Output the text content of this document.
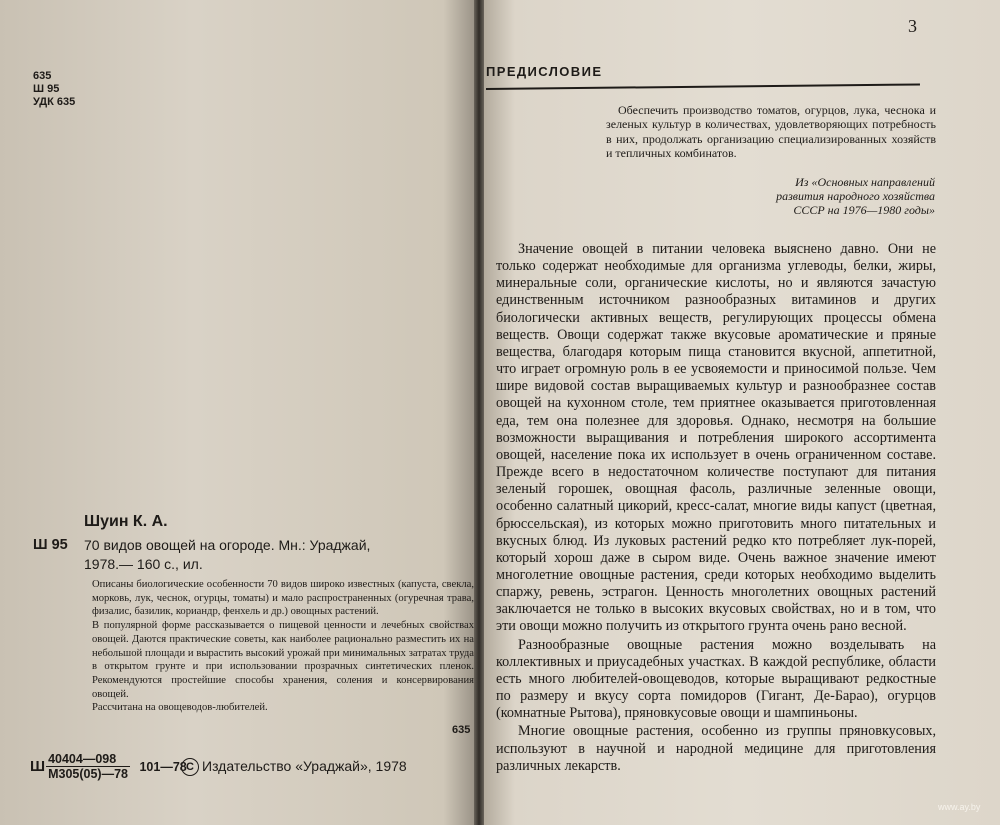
635
Ш 95
УДК 635
Шуин К. А.
Ш 95 70 видов овощей на огороде. Мн.: Ураджай,
1978.— 160 с., ил.

Описаны биологические особенности 70 видов широко известных (капуста, свекла, морковь, лук, чеснок, огурцы, томаты) и мало распространенных (огуречная трава, физалис, базилик, кориандр, фенхель и др.) овощных растений.

В популярной форме рассказывается о пищевой ценности и лечебных свойствах овощей. Даются практические советы, как наиболее рационально разместить их на небольшой площади и вырастить высокий урожай при минимальных затратах труда в открытом грунте и при использовании прозрачных синтетических пленок. Рекомендуются простейшие способы хранения, соления и консервирования овощей.

Рассчитана на овощеводов-любителей.

635
Ш $\frac{40404—098}{М305(05)—78}$ 101—78 C Издательство «Ураджай», 1978
3
ПРЕДИСЛОВИЕ

Обеспечить производство томатов, огурцов, лука, чеснока и зеленых культур в количествах, удовлетворяющих потребность в них, продолжать организацию специализированных хозяйств и тепличных комбинатов.

Из «Основных направлений
развития народного хозяйства
СССР на 1976—1980 годы»

Значение овощей в питании человека выяснено давно. Они не только содержат необходимые для организма углеводы, белки, жиры, минеральные соли, органические кислоты, но и являются зачастую единственным источником разнообразных витаминов и других биологически активных веществ, регулирующих процессы обмена веществ. Овощи содержат также вкусовые ароматические и пряные вещества, благодаря которым пища становится вкусной, аппетитной, что играет огромную роль в ее усвояемости и приносимой пользе. Чем шире видовой состав выращиваемых культур и разнообразнее состав овощей на кухонном столе, тем приятнее оказывается приготовленная еда, тем она полезнее для здоровья. Однако, несмотря на большие возможности выращивания и потребления широкого ассортимента овощей, население пока их использует в очень ограниченном составе. Прежде всего в недостаточном количестве поступают для питания зеленый горошек, овощная фасоль, различные зеленные овощи, особенно салатный цикорий, кресс-салат, многие виды капуст (цветная, брюссельская), из которых можно приготовить много питательных и вкусных блюд. Из луковых растений редко кто потребляет лук-порей, который хорош даже в сыром виде. Очень важное значение имеют многолетние овощные растения, среди которых необходимо выделить спаржу, ревень, эстрагон. Ценность многолетних овощных растений заключается не только в высоких вкусовых свойствах, но и в том, что эти овощи можно получить из открытого грунта очень рано весной.

Разнообразные овощные растения можно возделывать на коллективных и приусадебных участках. В каждой республике, области есть много любителей-овощеводов, которые выращивают редкостные по размеру и вкусу сорта помидоров (Гигант, Де-Барао), огурцов (комнатные Рытова), пряновкусовые овощи и шампиньоны.

Многие овощные растения, особенно из группы пряновкусовых, используют в научной и народной медицине для приготовления различных лекарств.

www.ay.by
